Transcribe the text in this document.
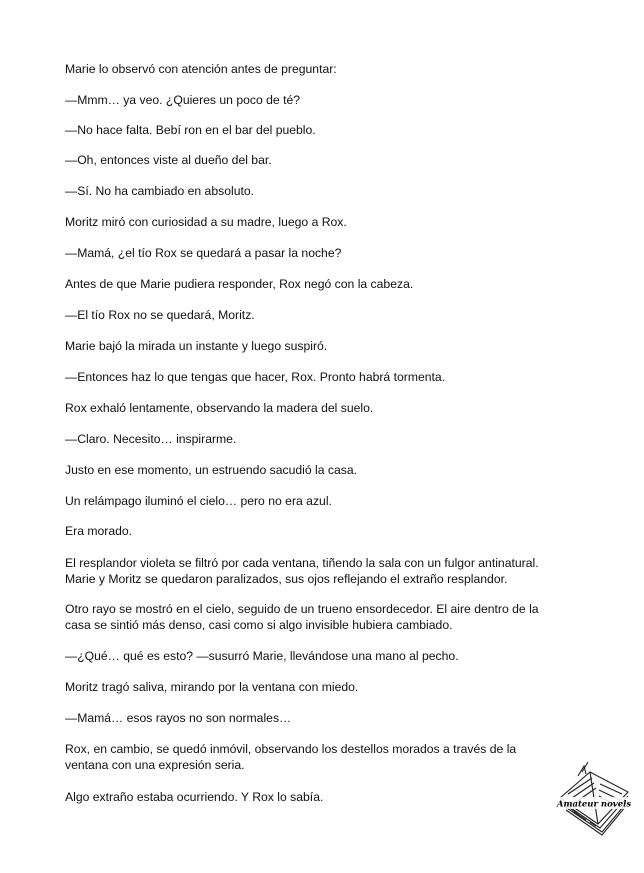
Marie lo observó con atención antes de preguntar:
—Mmm… ya veo. ¿Quieres un poco de té?
—No hace falta. Bebí ron en el bar del pueblo.
—Oh, entonces viste al dueño del bar.
—Sí. No ha cambiado en absoluto.
Moritz miró con curiosidad a su madre, luego a Rox.
—Mamá, ¿el tío Rox se quedará a pasar la noche?
Antes de que Marie pudiera responder, Rox negó con la cabeza.
—El tío Rox no se quedará, Moritz.
Marie bajó la mirada un instante y luego suspiró.
—Entonces haz lo que tengas que hacer, Rox. Pronto habrá tormenta.
Rox exhaló lentamente, observando la madera del suelo.
—Claro. Necesito… inspirarme.
Justo en ese momento, un estruendo sacudió la casa.
Un relámpago iluminó el cielo… pero no era azul.
Era morado.
El resplandor violeta se filtró por cada ventana, tiñendo la sala con un fulgor antinatural. Marie y Moritz se quedaron paralizados, sus ojos reflejando el extraño resplandor.
Otro rayo se mostró en el cielo, seguido de un trueno ensordecedor. El aire dentro de la casa se sintió más denso, casi como si algo invisible hubiera cambiado.
—¿Qué… qué es esto? —susurró Marie, llevándose una mano al pecho.
Moritz tragó saliva, mirando por la ventana con miedo.
—Mamá… esos rayos no son normales…
Rox, en cambio, se quedó inmóvil, observando los destellos morados a través de la ventana con una expresión seria.
Algo extraño estaba ocurriendo. Y Rox lo sabía.
Amateur novels
